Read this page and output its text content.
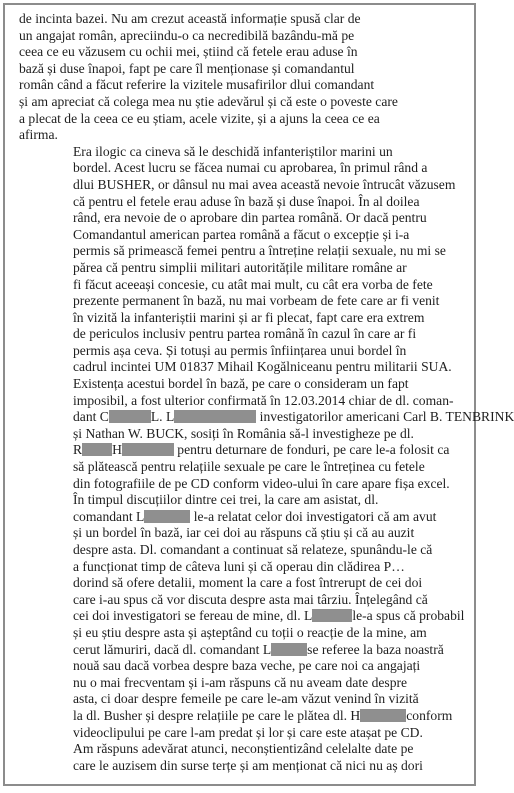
de incinta bazei. Nu am crezut această informație spusă clar de
un angajat român, apreciindu-o ca necredibilă bazându-mă pe
ceea ce eu văzusem cu ochii mei, știind că fetele erau aduse în
bază și duse înapoi, fapt pe care îl menționase și comandantul
român când a făcut referire la vizitele musafirilor dlui comandant
și am apreciat că colega mea nu știe adevărul și că este o poveste care
a plecat de la ceea ce eu știam, acele vizite, și a ajuns la ceea ce ea
afirma.
Era ilogic ca cineva să le deschidă infanteriștilor marini un
bordel. Acest lucru se făcea numai cu aprobarea, în primul rând a
dlui BUSHER, or dânsul nu mai avea această nevoie întrucât văzusem
că pentru el fetele erau aduse în bază și duse înapoi. În al doilea
rând, era nevoie de o aprobare din partea română. Or dacă pentru
Comandantul american partea română a făcut o excepție și i-a
permis să primească femei pentru a întreține relații sexuale, nu mi se
părea că pentru simplii militari autoritățile militare române ar
fi făcut aceeași concesie, cu atât mai mult, cu cât era vorba de fete
prezente permanent în bază, nu mai vorbeam de fete care ar fi venit
în vizită la infanteriștii marini și ar fi plecat, fapt care era extrem
de periculos inclusiv pentru partea română în cazul în care ar fi
permis așa ceva. Și totuși au permis înființarea unui bordel în
cadrul incintei UM 01837 Mihail Kogălniceanu pentru militarii SUA.
Existența acestui bordel în bază, pe care o consideram un fapt
imposibil, a fost ulterior confirmată în 12.03.2014 chiar de dl. coman-
dant C	L. L	investigatorilor americani Carl B. TENBRINK
și Nathan W. BUCK, sosiți în România să-l investigheze pe dl.
R H	pentru deturnare de fonduri, pe care le-a folosit ca
să plătească pentru relațiile sexuale pe care le întreținea cu fetele
din fotografiile de pe CD conform video-ului în care apare fișa excel.
În timpul discuțiilor dintre cei trei, la care am asistat, dl.
comandant L	le-a relatat celor doi investigatori că am avut
și un bordel în bază, iar cei doi au răspuns că știu și că au auzit
despre asta. Dl. comandant a continuat să relateze, spunându-le că
a funcționat timp de câteva luni și că operau din clădirea P…
dorind să ofere detalii, moment la care a fost întrerupt de cei doi
care i-au spus că vor discuta despre asta mai târziu. Înțelegând că
cei doi investigatori se fereau de mine, dl. L	le-a spus că probabil
și eu știu despre asta și așteptând cu toții o reacție de la mine, am
cerut lămuriri, dacă dl. comandant L	se referee la baza noastră
nouă sau dacă vorbea despre baza veche, pe care noi ca angajați
nu o mai frecventam și i-am răspuns că nu aveam date despre
asta, ci doar despre femeile pe care le-am văzut venind în vizită
la dl. Busher și despre relațiile pe care le plătea dl. H	conform
videoclipului pe care l-am predat și lor și care este atașat pe CD.
Am răspuns adevărat atunci, neconștientizând celelalte date pe
care le auzisem din surse terțe și am menționat că nici nu aș dori
